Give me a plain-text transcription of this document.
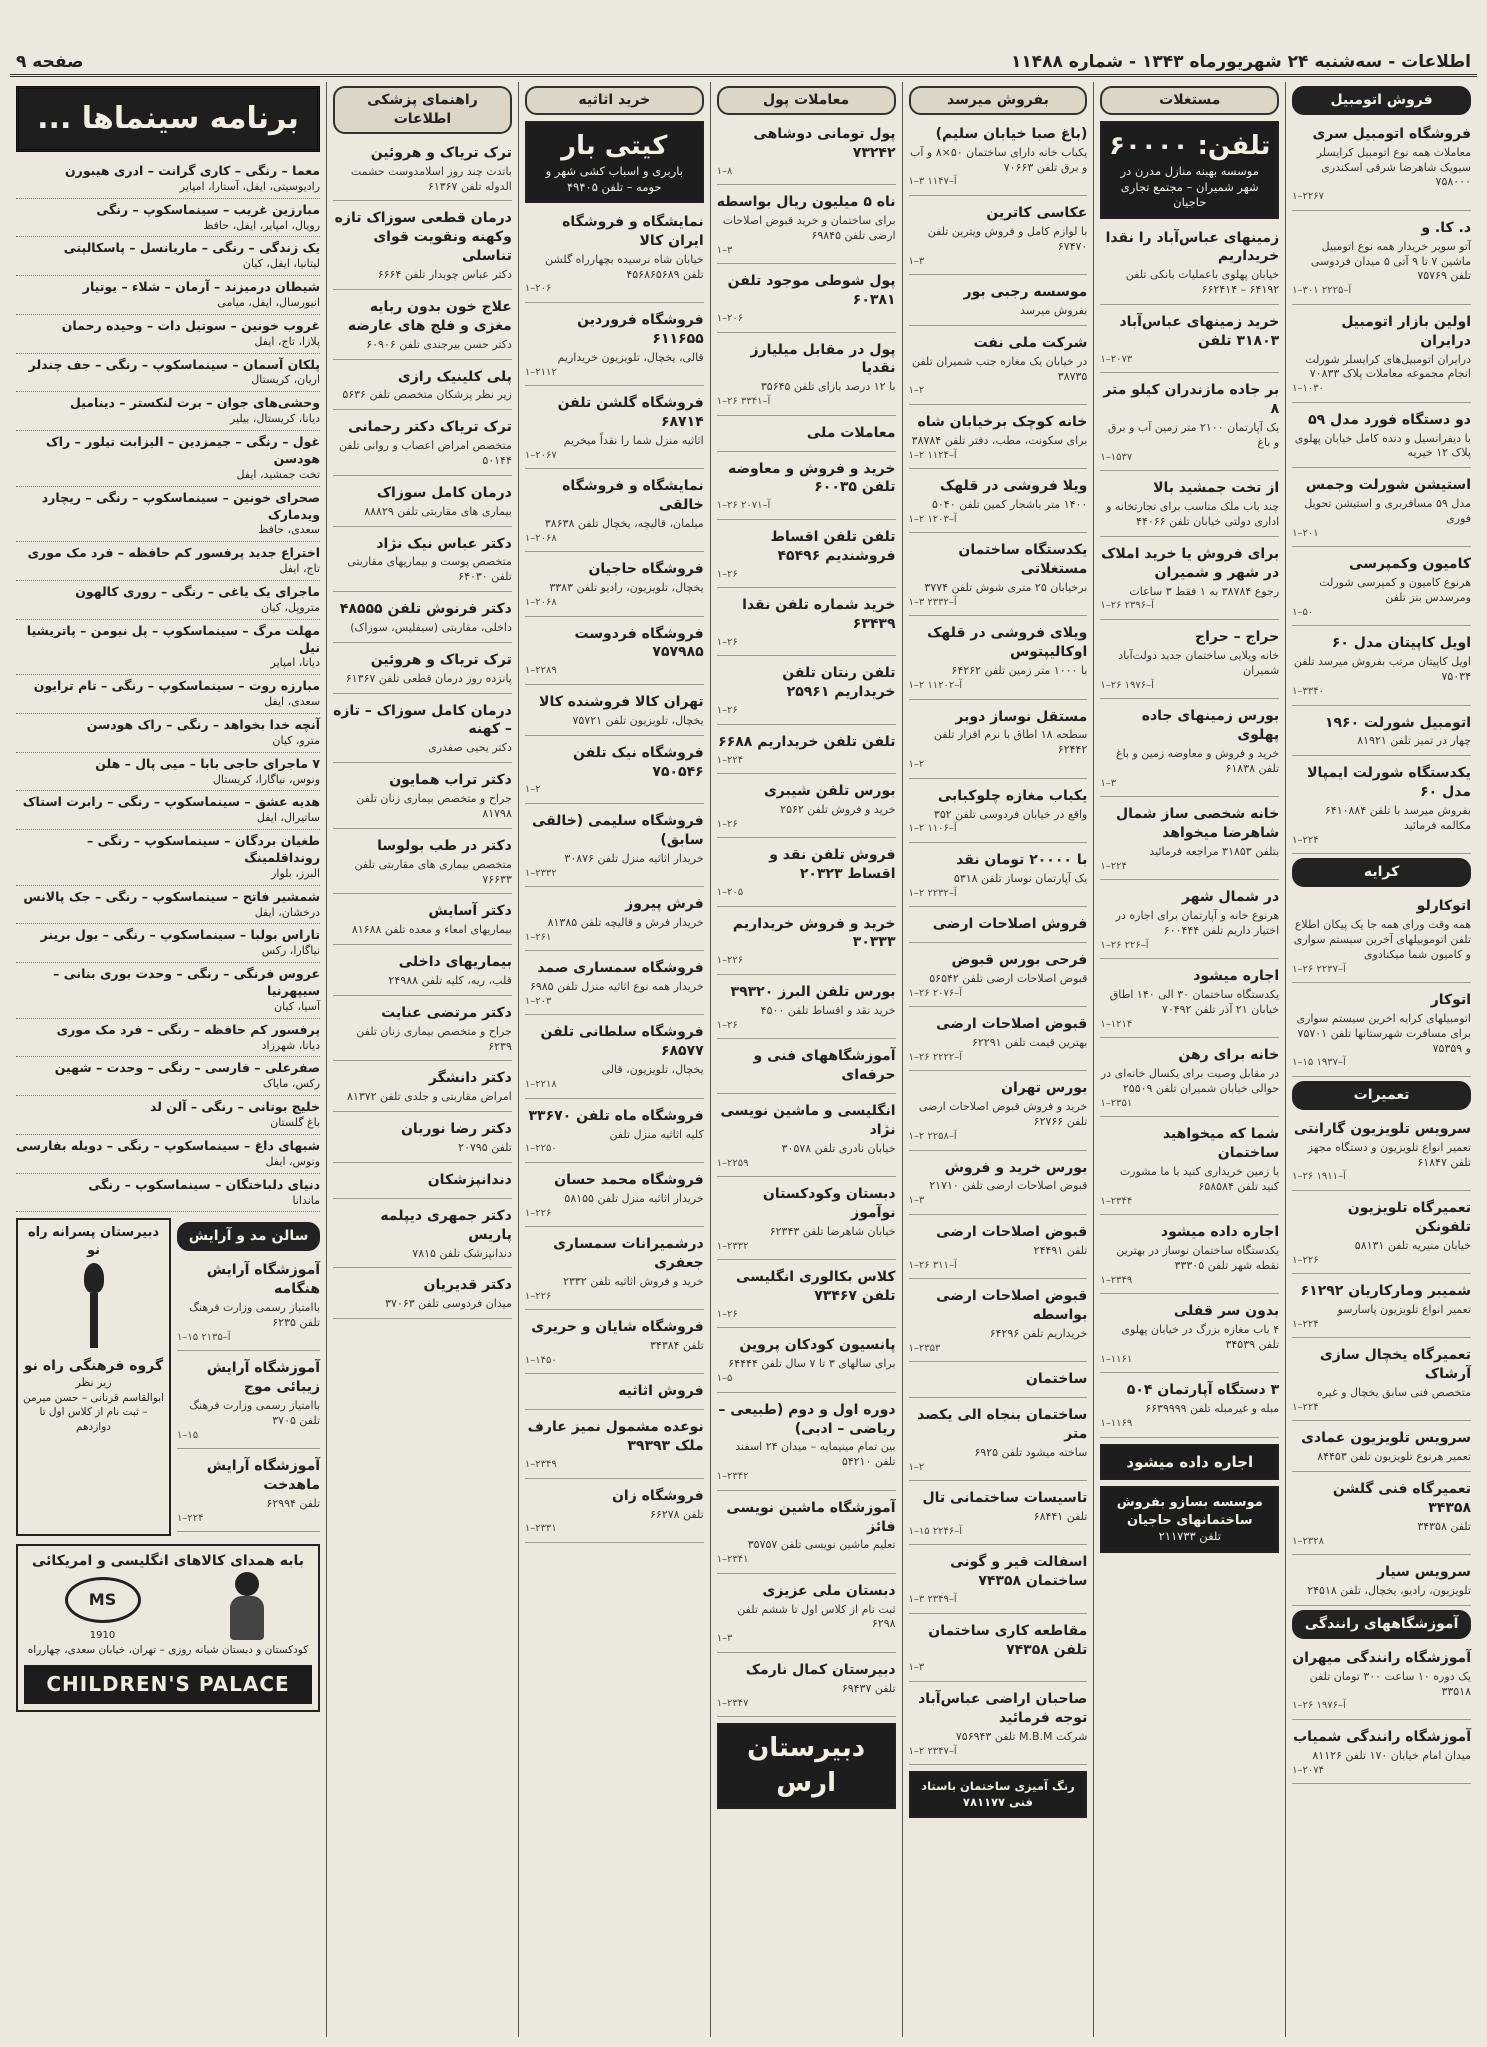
اطلاعات - سه‌شنبه ۲۴ شهریورماه ۱۳۴۳ - شماره ۱۱۴۸۸
صفحه ۹
فروش اتومبیل
فروشگاه اتومبیل سری
معاملات همه نوع اتومبیل کرایسلر سیویک شاهرضا شرقی اسکندری ۷۵۸۰۰۰
۱–۲۲۶۷
د. کا. و
آتو سویر خریدار همه نوع اتومبیل ماشین ۷ تا ۹ آتی ۵ میدان فردوسی تلفن ۷۵۷۶۹
۱–۳۰۱ آ–۲۲۲۵
اولین بازار اتومبیل درایران
درایران اتومبیل‌های کرایسلر شورلت انجام مجموعه معاملات پلاک ۷۰۸۳۳
۱–۱۰۳۰
دو دستگاه فورد مدل ۵۹
با دیفرانسیل و دنده کامل خیابان پهلوی پلاک ۱۲ خیریه
استیشن شورلت وجمس
مدل ۵۹ مسافربری و استیشن تحویل فوری
۱–۲۰۱
کامیون وکمپرسی
هرنوع کامیون و کمپرسی شورلت ومرسدس بنز تلفن
۱–۵۰
اویل کاپیتان مدل ۶۰
اویل کاپیتان مرتب بفروش میرسد تلفن ۷۵۰۳۴
۱–۳۳۴۰
اتومبیل شورلت ۱۹۶۰
چهار در تمیز تلفن ۸۱۹۲۱
یکدستگاه شورلت ایمپالا مدل ۶۰
بفروش میرسد با تلفن ۶۴۱۰۸۸۴ مکالمه فرمائید
۱–۲۲۴
کرایه
اتوکارلو
همه وقت ورای همه جا یک پیکان اطلاع تلفن اتوموبیلهای آخرین سیستم سواری و کامیون شما میکنادوی
۱–۲۶ آ–۲۲۳۷
اتوکار
اتومبیلهای کرایه اخرین سیستم سواری برای مسافرت شهرستانها تلفن ۷۵۷۰۱ و ۷۵۳۵۹
۱–۱۵ آ–۱۹۳۷
تعمیرات
سرویس تلویزیون گارانتی
تعمیر انواع تلویزیون و دستگاه مجهز تلفن ۶۱۸۴۷
۱–۲۶ آ–۱۹۱۱
تعمیرگاه تلویزیون تلفونکن
خیابان منیریه تلفن ۵۸۱۳۱
۱–۲۲۶
شمیبر ومارکاریان ۶۱۲۹۲
تعمیر انواع تلویزیون پاسارسو
۱–۲۲۴
تعمیرگاه یخچال سازی آرشاک
متخصص فنی سابق یخچال و غیره
۱–۲۲۴
سرویس تلویزیون عمادی
تعمیر هرنوع تلویزیون تلفن ۸۴۴۵۳
تعمیرگاه فنی گلشن ۳۴۳۵۸
تلفن ۳۴۳۵۸
۱–۲۳۲۸
سرویس سیار
تلویزیون، رادیو، یخچال، تلفن ۲۴۵۱۸
آموزشگاههای رانندگی
آموزشگاه رانندگی میهران
یک دوره ۱۰ ساعت ۳۰۰ تومان تلفن ۳۳۵۱۸
۱–۲۶ آ–۱۹۷۶
آموزشگاه رانندگی شمیاب
میدان امام خیابان ۱۷۰ تلفن ۸۱۱۲۶
۱–۲۰۷۴
مستغلات
تلفن: ۶۰۰۰۰
موسسه بهبنه منازل مدرن در شهر شمیران – مجتمع تجاری حاجیان
زمینهای عباس‌آباد را نقدا خریداریم
خیابان پهلوی باعملیات بانکی تلفن ۶۴۱۹۲ – ۶۶۲۴۱۴
خرید زمینهای عباس‌آباد ۳۱۸۰۳ تلفن
۱–۲۰۷۳
بر جاده مازندران کیلو متر ۸
یک آپارتمان ۲۱۰۰ متر زمین آب و برق و باغ
۱–۱۵۳۷
از تخت جمشید بالا
چند باب ملک مناسب برای تجارتخانه و اداری دولتی خیابان تلفن ۴۴۰۶۶
برای فروش یا خرید املاک در شهر و شمیران
رجوع ۳۸۷۸۴ به ۱ فقط ۳ ساعات
۱–۲۶ آ–۲۳۹۶
حراج – حراج
خانه ویلایی ساختمان جدید دولت‌آباد شمیران
۱–۲۶ آ–۱۹۷۶
بورس زمینهای جاده پهلوی
خرید و فروش و معاوضه زمین و باغ تلفن ۶۱۸۳۸
۱–۳
خانه شخصی ساز شمال شاهرضا میخواهد
بتلفن ۳۱۸۵۳ مراجعه فرمائید
۱–۲۲۴
در شمال شهر
هرنوع خانه و آپارتمان برای اجاره در اختیار داریم تلفن ۶۰۰۴۴۴
۱–۲۶ آ–۲۲۶
اجاره میشود
یکدستگاه ساختمان ۳۰ الی ۱۴۰ اطاق خیابان ۲۱ آذر تلفن ۷۰۴۹۲
۱–۱۲۱۴
خانه برای رهن
در مقابل وصیت برای یکسال خانه‌ای در حوالی خیابان شمیران تلفن ۲۵۵۰۹
۱–۲۳۵۱
شما که میخواهید ساختمان
یا زمین خریداری کنید با ما مشورت کنید تلفن ۶۵۸۵۸۴
۱–۲۳۴۴
اجاره داده میشود
یکدستگاه ساختمان نوساز در بهترین نقطه شهر تلفن ۳۳۳۰۵
۱–۲۳۴۹
بدون سر قفلی
۴ باب مغازه بزرگ در خیابان پهلوی تلفن ۳۴۵۳۹
۱–۱۱۶۱
۳ دستگاه آپارتمان ۵۰۴
مبله و غیرمبله تلفن ۶۶۳۹۹۹۹
۱–۱۱۶۹
اجاره داده میشود
موسسه بسازو بفروش ساختمانهای حاجیان
تلفن ۲۱۱۷۳۳
بفروش میرسد
(باغ صبا خیابان سلیم)
یکباب خانه دارای ساختمان ۵۰×۸ و آب و برق تلفن ۷۰۶۶۳
۱–۳ آ–۱۱۴۷
عکاسی کاترین
با لوازم کامل و فروش ویترین تلفن ۶۷۴۷۰
۱–۳
موسسه رجبی بور
بفروش میرسد
شرکت ملی نفت
در خیابان یک مغازه جنب شمیران تلفن ۳۸۷۳۵
۱–۲
خانه کوچک برخیابان شاه
برای سکونت، مطب، دفتر تلفن ۳۸۷۸۴
۱–۲ آ–۱۱۲۴
ویلا فروشی در قلهک
۱۴۰۰ متر باشجار کمین تلفن ۵۰۴۰
۱–۲ آ–۱۲۰۳
یکدستگاه ساختمان مستغلاتی
برخیابان ۲۵ متری شوش تلفن ۳۷۷۴
۱–۳ آ–۲۳۳۲
ویلای فروشی در قلهک اوکالیپتوس
با ۱۰۰۰ متر زمین تلفن ۶۴۲۶۲
۱–۲ آ–۱۱۲۰۲
مستقل نوساز دوبر
سطحه ۱۸ اطاق با نرم افزار تلفن ۶۲۴۴۲
۱–۲
یکباب مغازه چلوکبابی
واقع در خیابان فردوسی تلفن ۳۵۲
۱–۲ آ–۱۱۰۶
با ۲۰۰۰۰ تومان نقد
یک آپارتمان نوساز تلفن ۵۳۱۸
۱–۲ آ–۲۲۳۲
فروش اصلاحات ارضی
فرحی بورس قبوض
قبوض اصلاحات ارضی تلفن ۵۶۵۴۲
۱–۲۶ آ–۲۰۷۶
قبوض اصلاحات ارضی
بهترین قیمت تلفن ۶۲۲۹۱
۱–۲۶ آ–۲۲۲۲
بورس تهران
خرید و فروش قبوض اصلاحات ارضی تلفن ۶۲۷۶۶
۱–۲ آ–۲۲۵۸
بورس خرید و فروش
قبوض اصلاحات ارضی تلفن ۲۱۷۱۰
۱–۳
قبوض اصلاحات ارضی
تلفن ۲۴۴۹۱
۱–۲۶ آ–۳۱۱
قبوض اصلاحات ارضی بواسطه
خریداریم تلفن ۶۴۲۹۶
۱–۲۳۵۳
ساختمان
ساختمان بنجاه الی یکصد متر
ساخته میشود تلفن ۶۹۲۵
۱–۲
تاسیسات ساختمانی تال
تلفن ۶۸۴۴۱
۱–۱۵ آ–۲۲۴۶
اسفالت قیر و گونی ساختمان ۷۴۳۵۸
۱–۳ آ–۲۳۴۹
مقاطعه کاری ساختمان تلفن ۷۴۳۵۸
۱–۳
صاحبان اراضی عباس‌آباد توجه فرمائید
شرکت M.B.M تلفن ۷۵۶۹۴۳
۱–۲ آ–۲۳۴۷
رنگ آمیزی ساختمان باستاد فنی ۷۸۱۱۷۷
معاملات پول
پول تومانی دوشاهی ۷۳۲۴۲
۱–۸
ناه ۵ میلیون ریال بواسطه
برای ساختمان و خرید قبوض اصلاحات ارضی تلفن ۶۹۸۴۵
۱–۳
پول شوطی موجود تلفن ۶۰۳۸۱
۱–۲۰۶
پول در مقابل میلیارز نقدیا
با ۱۲ درصد بازای تلفن ۳۵۶۴۵
۱–۲۶ آ–۳۳۴۱
معاملات ملی
خرید و فروش و معاوضه تلفن ۶۰۰۳۵
۱–۲۶ آ–۲۰۷۱
تلفن تلفن اقساط فروشندیم ۴۵۴۹۶
۱–۲۶
خرید شماره تلفن نقدا ۶۳۴۳۹
۱–۲۶
تلفن رنتان تلفن خریداریم ۲۵۹۶۱
۱–۲۶
تلفن تلفن خریداریم ۶۶۸۸
۱–۲۲۴
بورس تلفن شیبری
خرید و فروش تلفن ۲۵۶۲
۱–۲۶
فروش تلفن نقد و اقساط ۲۰۳۲۳
۱–۲۰۵
خرید و فروش خریداریم ۳۰۳۳۳
۱–۲۲۶
بورس تلفن البرز ۳۹۳۲۰
خرید نقد و اقساط تلفن ۴۵۰۰
۱–۲۶
آموزشگاههای فنی و حرفه‌ای
انگلیسی و ماشین نویسی نژاد
خیابان نادری تلفن ۳۰۵۷۸
۱–۲۲۵۹
دبستان وکودکستان نوآموز
خیابان شاهرضا تلفن ۶۲۳۴۳
۱–۲۳۳۲
کلاس بکالوری انگلیسی تلفن ۷۳۴۶۷
۱–۲۶
پانسیون کودکان پروین
برای سالهای ۳ تا ۷ سال تلفن ۶۴۴۴۴
۱–۵
دوره اول و دوم (طبیعی – ریاضی – ادبی)
بین تمام مینیمایه – میدان ۲۴ اسفند تلفن ۵۴۲۱۰
۱–۲۳۴۲
آموزشگاه ماشین نویسی فائز
تعلیم ماشین نویسی تلفن ۳۵۷۵۷
۱–۲۳۴۱
دبستان ملی عزیزی
ثبت نام از کلاس اول تا ششم تلفن ۶۲۹۸
۱–۳
دبیرستان کمال نارمک
تلفن ۶۹۴۳۷
۱–۲۳۴۷
دبیرستان ارس
خرید اثاثیه
کیتی بار
باربری و اسباب کشی شهر و حومه – تلفن ۴۹۴۰۵
نمایشگاه و فروشگاه ایران کالا
خیابان شاه نرسیده بچهارراه گلشن تلفن ۴۵۶۸۶۵۶۸۹
۱–۲۰۶
فروشگاه فروردین ۶۱۱۶۵۵
قالی، یخچال، تلویزیون خریداریم
۱–۲۱۱۲
فروشگاه گلشن تلفن ۶۸۷۱۴
اثاثیه منزل شما را نقداً میخریم
۱–۲۰۶۷
نمایشگاه و فروشگاه خالقی
مبلمان، قالیچه، یخچال تلفن ۳۸۶۳۸
۱–۲۰۶۸
فروشگاه حاجیان
یخچال، تلویزیون، رادیو تلفن ۳۳۸۳
۱–۲۰۶۸
فروشگاه فردوست ۷۵۷۹۸۵
۱–۲۲۸۹
تهران کالا فروشنده کالا
یخچال، تلویزیون تلفن ۷۵۷۲۱
فروشگاه نیک تلفن ۷۵۰۵۴۶
۱–۲
فروشگاه سلیمی (خالقی سابق)
خریدار اثاثیه منزل تلفن ۳۰۸۷۶
۱–۲۳۳۲
فرش پیروز
خریدار فرش و قالیچه تلفن ۸۱۳۸۵
۱–۲۶۱
فروشگاه سمساری صمد
خریدار همه نوع اثاثیه منزل تلفن ۶۹۸۵
۱–۲۰۳
فروشگاه سلطانی تلفن ۶۸۵۷۷
یخچال، تلویزیون، قالی
۱–۲۲۱۸
فروشگاه ماه تلفن ۳۳۶۷۰
کلیه اثاثیه منزل تلفن
۱–۲۲۵۰
فروشگاه محمد حسان
خریدار اثاثیه منزل تلفن ۵۸۱۵۵
۱–۲۲۶
درشمیرانات سمساری جعفری
خرید و فروش اثاثیه تلفن ۲۳۳۲
۱–۲۲۶
فروشگاه شایان و حریری
تلفن ۳۴۳۸۴
۱–۱۴۵۰
فروش اثاثیه
نوعده مشمول نمیز عارف ملک ۳۹۳۹۳
۱–۲۳۴۹
فروشگاه زان
تلفن ۶۶۲۷۸
۱–۲۳۳۱
راهنمای پزشکی اطلاعات
ترک تریاک و هروئین
باتدت چند روز اسلامدوست حشمت الدوله تلفن ۶۱۳۶۷
درمان قطعی سوزاک تازه وکهنه ونقویت قوای تناسلی
دکتر عباس چوبدار تلفن ۶۶۶۴
علاج خون بدون ربایه مغزی و فلج های عارضه
دکتر حسن بیرجندی تلفن ۶۰۹۰۶
پلی کلینیک رازی
زیر نظر پزشکان متخصص تلفن ۵۶۳۶
ترک تریاک دکتر رحمانی
متخصص امراض اعصاب و روانی تلفن ۵۰۱۴۴
درمان کامل سوزاک
بیماری های مقاربتی تلفن ۸۸۸۲۹
دکتر عباس نیک نژاد
متخصص پوست و بیماریهای مقاربتی تلفن ۶۴۰۳۰
دکتر فرنوش تلفن ۴۸۵۵۵
داخلی، مقاربتی (سیفلیس، سوزاک)
ترک تریاک و هروئین
پانزده روز درمان قطعی تلفن ۶۱۳۶۷
درمان کامل سوزاک – تازه – کهنه
دکتر یحیی صفدری
دکتر تراب همایون
جراح و متخصص بیماری زنان تلفن ۸۱۷۹۸
دکتر در طب بولوسا
متخصص بیماری های مقاربتی تلفن ۷۶۶۳۳
دکتر آسایش
بیماریهای امعاء و معده تلفن ۸۱۶۸۸
بیماریهای داخلی
قلب، ریه، کلیه تلفن ۲۴۹۸۸
دکتر مرتضی عنایت
جراح و متخصص بیماری زنان تلفن ۶۲۳۹
دکتر دانشگر
امراض مقاربتی و جلدی تلفن ۸۱۳۷۲
دکتر رضا نوربان
تلفن ۲۰۷۹۵
دندانپزشکان
دکتر جمهری دیپلمه پاریس
دندانپزشک تلفن ۷۸۱۵
دکتر قدیریان
میدان فردوسی تلفن ۳۷۰۶۳
برنامه سینماها ...
معما – رنگی – کاری گرانت – ادری هیبورن
رادیوسیتی، ایفل، آستارا، امپایر
مبارزین غریب – سینماسکوپ – رنگی
رویال، امپایر، ایفل، حافظ
یک زندگی – رنگی – ماریانسل – پاسکالپتی
لیتانیا، ایفل، کیان
شیطان درمیزند – آرمان – شلاء – یوتیار
انیورسال، ایفل، میامی
غروب خونین – سوتیل دات – وحیده رحمان
پلازا، تاج، ایفل
پلکان آسمان – سینماسکوپ – رنگی – جف چندلر
اریان، کریستال
وحشی‌های جوان – برت لنکستر – دینامیل
دیانا، کریستال، بیلیر
غول – رنگی – جیمزدین – الیزابت تیلور – راک هودسن
تخت جمشید، ایفل
صحرای خونین – سینماسکوپ – رنگی – ریچارد ویدمارک
سعدی، حافظ
اختراع جدید پرفسور کم حافظه – فرد مک موری
تاج، ایفل
ماجرای یک یاغی – رنگی – روری کالهون
متروپل، کیان
مهلت مرگ – سینماسکوپ – پل نیومن – پاتریشیا نیل
دیانا، امپایر
مبارزه روت – سینماسکوپ – رنگی – تام ترایون
سعدی، ایفل
آنچه خدا بخواهد – رنگی – راک هودسن
مترو، کیان
۷ ماجرای حاجی بابا – میی پال – هلن
ونوس، نیاگارا، کریستال
هدیه عشق – سینماسکوپ – رنگی – رابرت استاک
ساتیرال، ایفل
طغیان بردگان – سینماسکوپ – رنگی – رونداقلمینگ
البرز، بلوار
شمشیر فاتح – سینماسکوپ – رنگی – جک پالانس
درخشان، ایفل
تاراس بولبا – سینماسکوپ – رنگی – یول برینر
نیاگارا، رکس
عروس فرنگی – رنگی – وحدت بوری بنانی – سیپهرنیا
آسیا، کیان
پرفسور کم حافظه – رنگی – فرد مک موری
دیانا، شهرزاد
صفرعلی – فارسی – رنگی – وحدت – شهین
رکس، مایاک
خلیج بوتانی – رنگی – آلن لد
باغ گلستان
شبهای داغ – سینماسکوپ – رنگی – دوبله بفارسی
ونوس، ایفل
دنیای دلباختگان – سینماسکوپ – رنگی
ماندانا
سالن مد و آرایش
آموزشگاه آرایش هنگامه
باامتیاز رسمی وزارت فرهنگ تلفن ۶۲۳۵
۱–۱۵ آ–۲۱۳۵
آموزشگاه آرایش زیبائی موج
باامتیاز رسمی وزارت فرهنگ تلفن ۳۷۰۵
۱–۱۵
آموزشگاه آرایش ماهدخت
تلفن ۶۲۹۹۴
۱–۲۲۴
دبیرستان پسرانه راه نو
گروه فرهنگی راه نو
زیر نظر
ابوالقاسم قرنانی – حسن میرمن – ثبت نام از کلاس اول تا دوازدهم
بابه همدای کالاهای انگلیسی و امریکائی
MS
1910
کودکستان و دبستان شبانه روزی – تهران، خیابان سعدی، چهارراه
CHILDREN'S PALACE
